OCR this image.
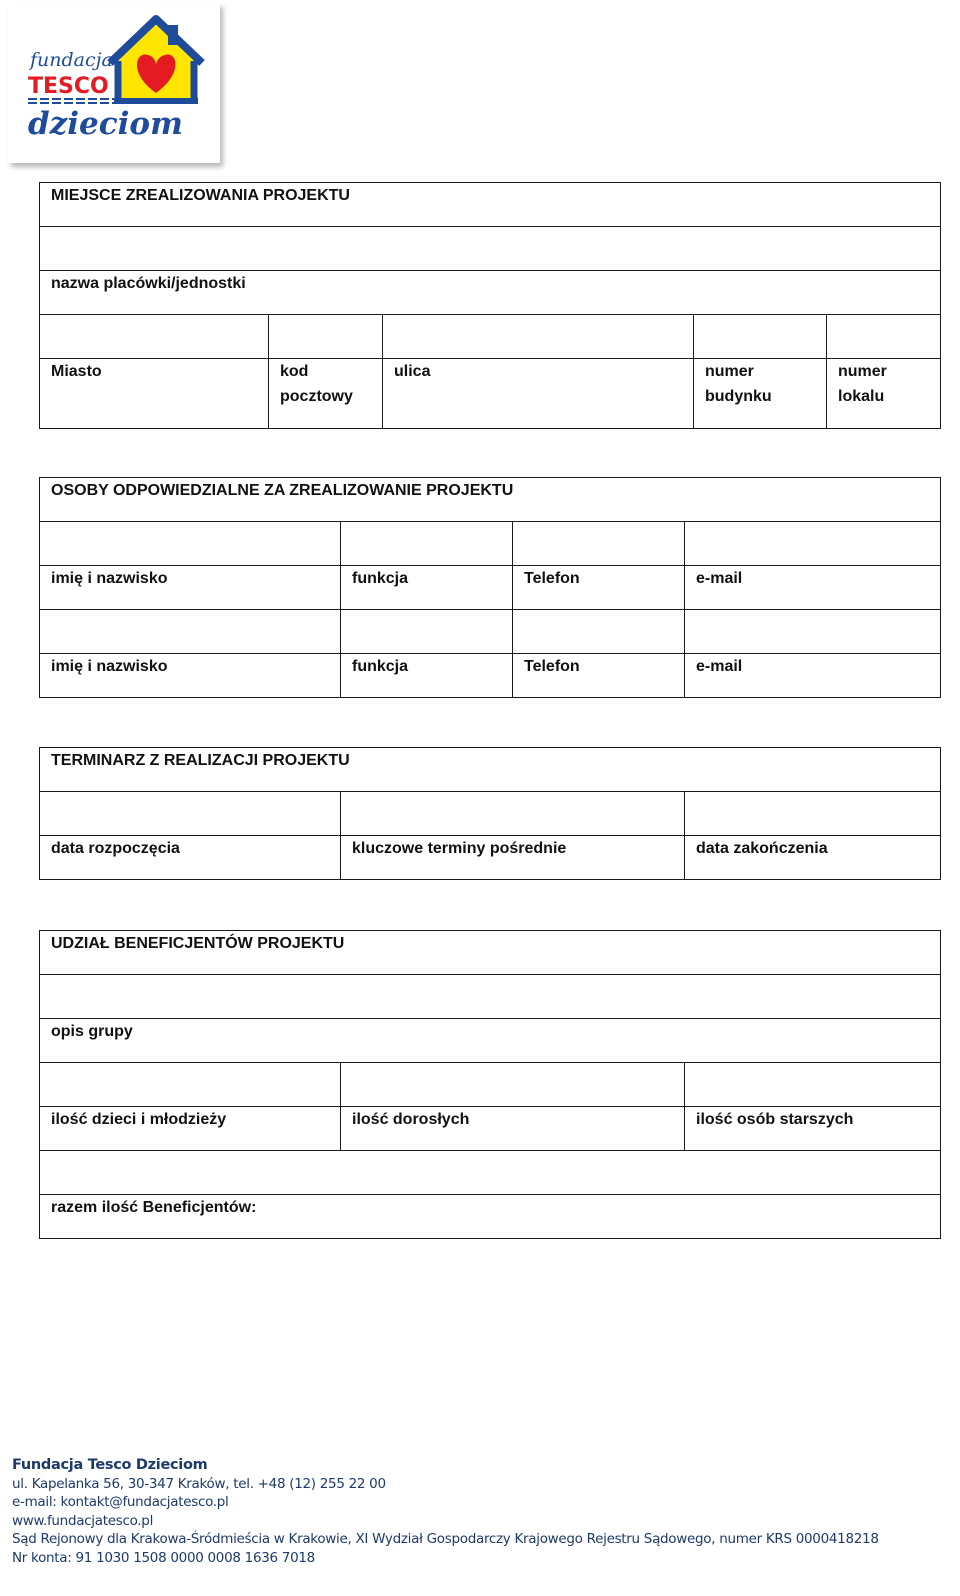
fundacja
TESCO
dzieciom
MIEJSCE ZREALIZOWANIA PROJEKTU				

nazwa placówki/jednostki				

Miasto	kod pocztowy	ulica	numer budynku	numer lokalu
OSOBY ODPOWIEDZIALNE ZA ZREALIZOWANIE PROJEKTU			

imię i nazwisko	funkcja	Telefon	e-mail

imię i nazwisko	funkcja	Telefon	e-mail
TERMINARZ Z REALIZACJI PROJEKTU		

data rozpoczęcia	kluczowe terminy pośrednie	data zakończenia
UDZIAŁ BENEFICJENTÓW PROJEKTU		

opis grupy		

ilość dzieci i młodzieży	ilość dorosłych	ilość osób starszych

razem ilość Beneficjentów:		
Fundacja Tesco Dzieciom
ul. Kapelanka 56, 30-347 Kraków, tel. +48 (12) 255 22 00
e-mail: kontakt@fundacjatesco.pl
www.fundacjatesco.pl
Sąd Rejonowy dla Krakowa-Śródmieścia w Krakowie, XI Wydział Gospodarczy Krajowego Rejestru Sądowego, numer KRS 0000418218
Nr konta: 91 1030 1508 0000 0008 1636 7018
